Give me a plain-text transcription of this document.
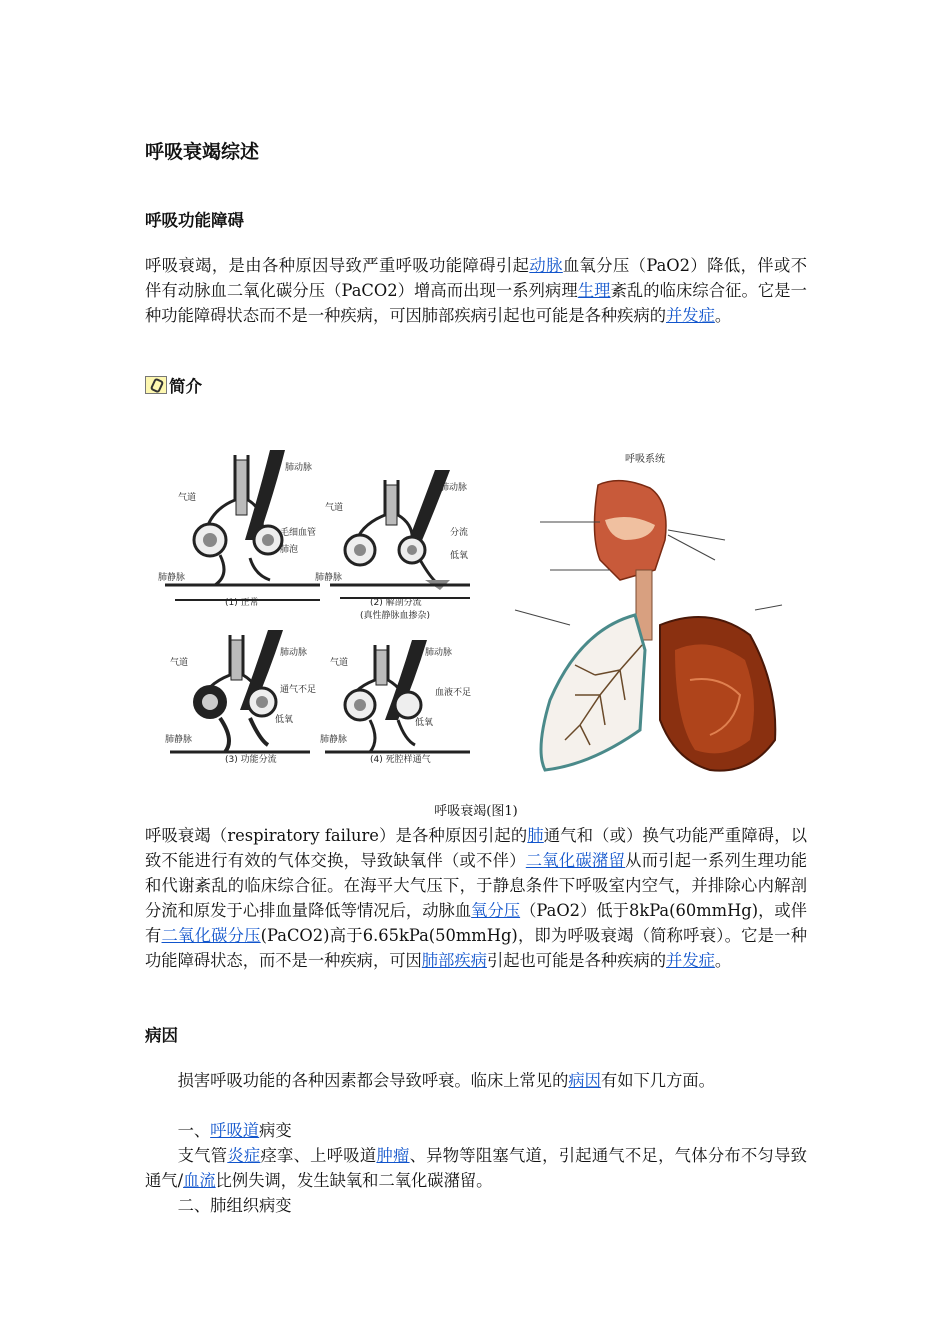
呼吸衰竭综述
呼吸功能障碍

呼吸衰竭，是由各种原因导致严重呼吸功能障碍引起动脉血氧分压（PaO2）降低，伴或不伴有动脉血二氧化碳分压（PaCO2）增高而出现一系列病理生理紊乱的临床综合征。它是一种功能障碍状态而不是一种疾病，可因肺部疾病引起也可能是各种疾病的并发症。

简介
呼吸衰竭(图1)

呼吸衰竭（respiratory failure）是各种原因引起的肺通气和（或）换气功能严重障碍，以致不能进行有效的气体交换，导致缺氧伴（或不伴）二氧化碳潴留从而引起一系列生理功能和代谢紊乱的临床综合征。在海平大气压下，于静息条件下呼吸室内空气，并排除心内解剖分流和原发于心排血量降低等情况后，动脉血氧分压（PaO2）低于8kPa(60mmHg)，或伴有二氧化碳分压(PaCO2)高于6.65kPa(50mmHg)，即为呼吸衰竭（简称呼衰）。它是一种功能障碍状态，而不是一种疾病，可因肺部疾病引起也可能是各种疾病的并发症。

病因

损害呼吸功能的各种因素都会导致呼衰。临床上常见的病因有如下几方面。

一、呼吸道病变

支气管炎症痉挛、上呼吸道肿瘤、异物等阻塞气道，引起通气不足，气体分布不匀导致通气/血流比例失调，发生缺氧和二氧化碳潴留。

二、肺组织病变
气道
肺动脉
毛细血管
肺泡
肺静脉
(1) 正常
气道
肺动脉
分流
低氧
肺静脉
(2) 解剖分流
(真性静脉血掺杂)
气道
肺动脉
通气不足
低氧
肺静脉
(3) 功能分流
气道
肺动脉
血液不足
低氧
肺静脉
(4) 死腔样通气
呼吸系统
